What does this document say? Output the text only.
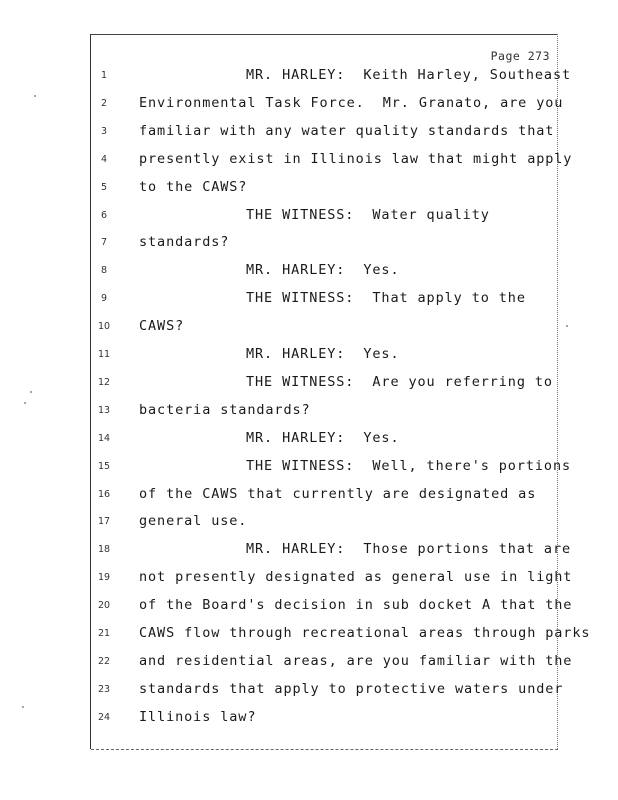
Page 273
1	MR. HARLEY:  Keith Harley, Southeast
2	Environmental Task Force.  Mr. Granato, are you
3	familiar with any water quality standards that
4	presently exist in Illinois law that might apply
5	to the CAWS?
6	THE WITNESS:  Water quality
7	standards?
8	MR. HARLEY:  Yes.
9	THE WITNESS:  That apply to the
10	CAWS?
11	MR. HARLEY:  Yes.
12	THE WITNESS:  Are you referring to
13	bacteria standards?
14	MR. HARLEY:  Yes.
15	THE WITNESS:  Well, there's portions
16	of the CAWS that currently are designated as
17	general use.
18	MR. HARLEY:  Those portions that are
19	not presently designated as general use in light
20	of the Board's decision in sub docket A that the
21	CAWS flow through recreational areas through parks
22	and residential areas, are you familiar with the
23	standards that apply to protective waters under
24	Illinois law?
